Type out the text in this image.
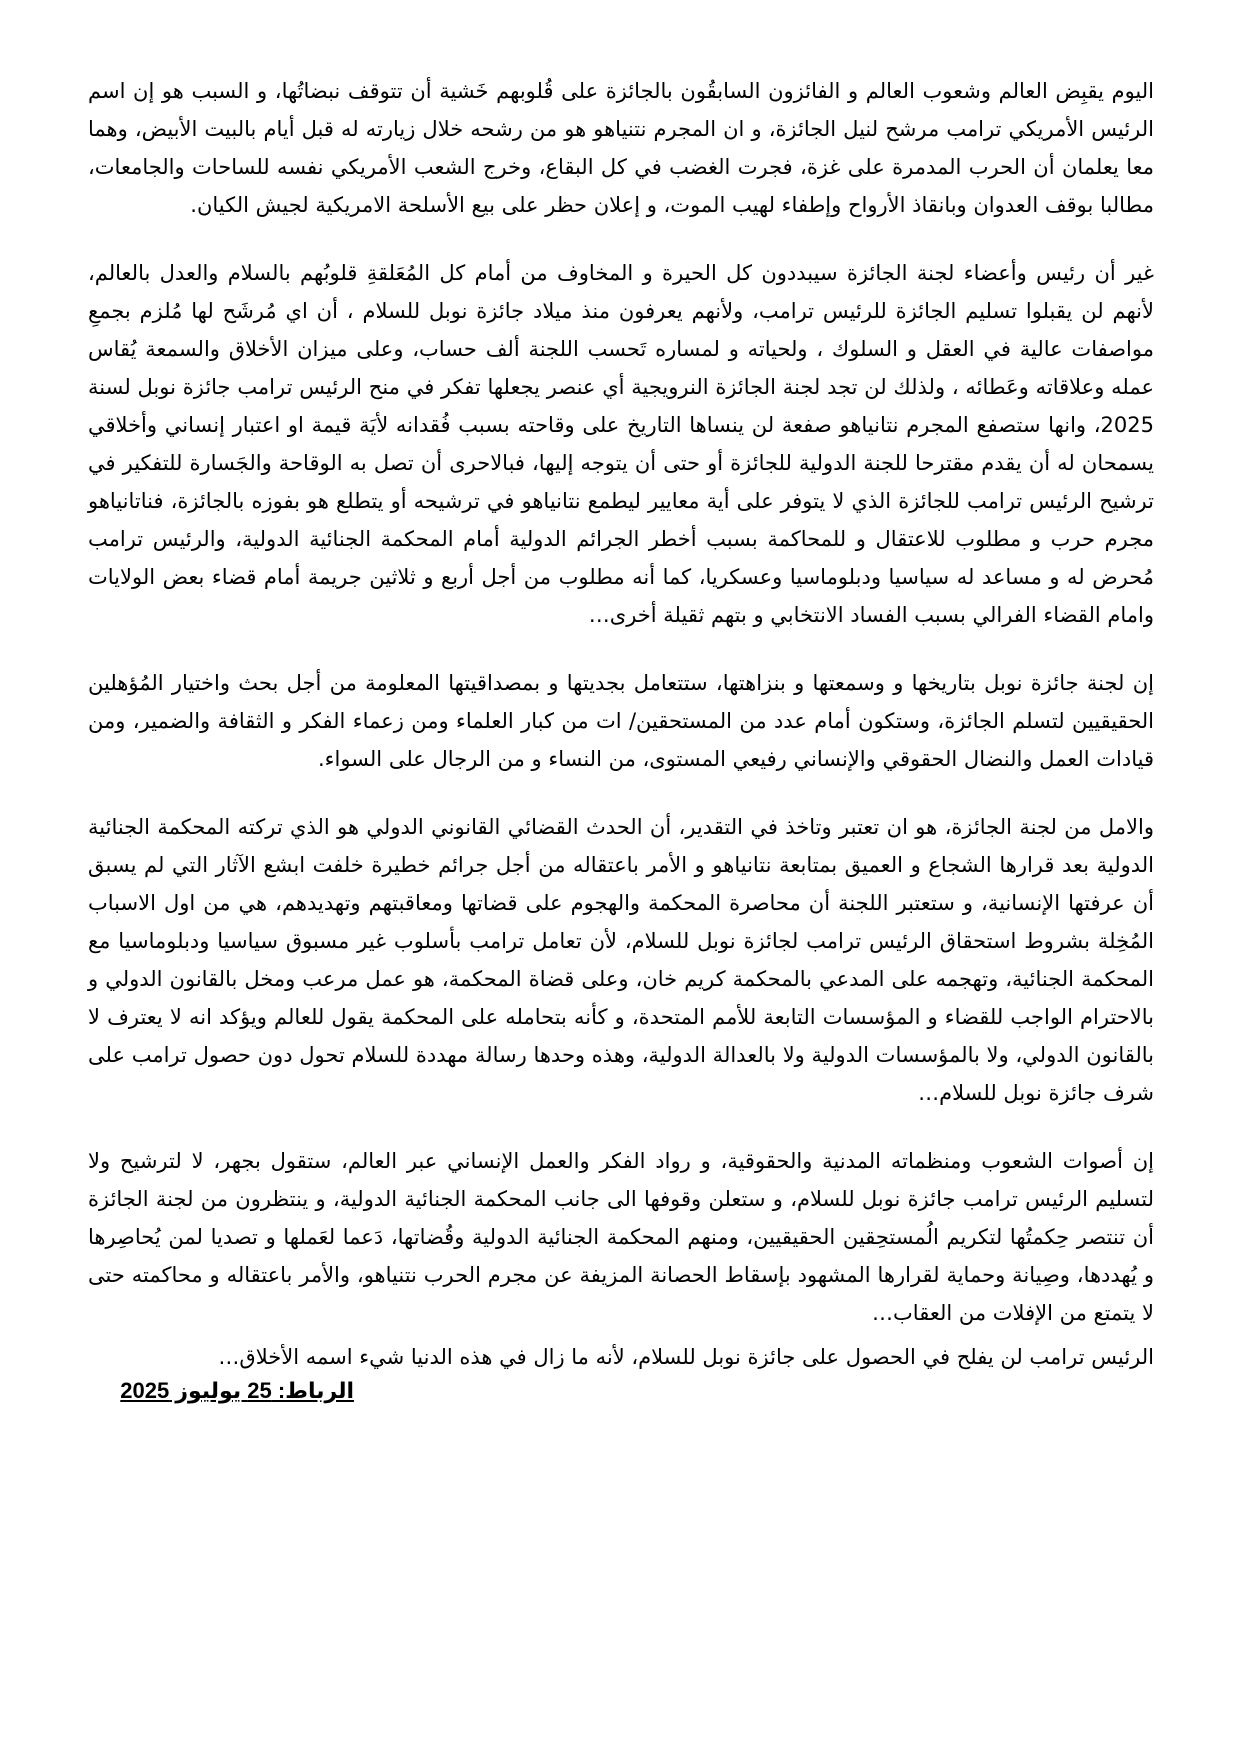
اليوم يقبِض العالم وشعوب العالم و الفائزون السابقُون بالجائزة على قُلوبهم خَشية أن تتوقف نبضاتُها، و السبب هو إن اسم الرئيس الأمريكي ترامب مرشح لنيل الجائزة، و ان المجرم نتنياهو هو من رشحه خلال زيارته له قبل أيام بالبيت الأبيض، وهما معا يعلمان أن الحرب المدمرة على غزة، فجرت الغضب في كل البقاع، وخرج الشعب الأمريكي نفسه للساحات والجامعات، مطالبا بوقف العدوان وبانقاذ الأرواح وإطفاء لهيب الموت، و إعلان حظر على بيع الأسلحة الامريكية لجيش الكيان.

غير أن رئيس وأعضاء لجنة الجائزة سيبددون كل الحيرة و المخاوف من أمام كل المُعَلقةِ قلوبُهم بالسلام والعدل بالعالم، لأنهم لن يقبلوا تسليم الجائزة للرئيس ترامب، ولأنهم يعرفون منذ ميلاد جائزة نوبل للسلام ، أن اي مُرشَح لها مُلزم بجمعِ مواصفات عالية في العقل و السلوك ، ولحياته و لمساره تَحسب اللجنة ألف حساب، وعلى ميزان الأخلاق والسمعة يُقاس عمله وعلاقاته وعَطائه ، ولذلك لن تجد لجنة الجائزة النرويجية أي عنصر يجعلها تفكر في منح الرئيس ترامب جائزة نوبل لسنة 2025، وانها ستصفع المجرم نتانياهو صفعة لن ينساها التاريخ على وقاحته بسبب فُقدانه لأيَة قيمة او اعتبار إنساني وأخلاقي يسمحان له أن يقدم مقترحا للجنة الدولية للجائزة أو حتى أن يتوجه إليها، فبالاحرى أن تصل به الوقاحة والجَسارة للتفكير في ترشيح الرئيس ترامب للجائزة الذي لا يتوفر على أية معايير ليطمع نتانياهو في ترشيحه أو يتطلع هو بفوزه بالجائزة، فناتانياهو مجرم حرب و مطلوب للاعتقال و للمحاكمة بسبب أخطر الجرائم الدولية أمام المحكمة الجنائية الدولية، والرئيس ترامب مُحرض له و مساعد له سياسيا ودبلوماسيا وعسكريا، كما أنه مطلوب من أجل أربع و ثلاثين جريمة أمام قضاء بعض الولايات وامام القضاء الفرالي بسبب الفساد الانتخابي و بتهم ثقيلة أخرى…

إن لجنة جائزة نوبل بتاريخها و وسمعتها و بنزاهتها، ستتعامل بجديتها و بمصداقيتها المعلومة من أجل بحث واختيار المُؤهلين الحقيقيين لتسلم الجائزة، وستكون أمام عدد من المستحقين/ ات من كبار العلماء ومن زعماء الفكر و الثقافة والضمير، ومن قيادات العمل والنضال الحقوقي والإنساني رفيعي المستوى، من النساء و من الرجال على السواء.

والامل من لجنة الجائزة، هو ان تعتبر وتاخذ في التقدير، أن الحدث القضائي القانوني الدولي هو الذي تركته المحكمة الجنائية الدولية بعد قرارها الشجاع و العميق بمتابعة نتانياهو و الأمر باعتقاله من أجل جرائم خطيرة خلفت ابشع الآثار التي لم يسبق أن عرفتها الإنسانية، و ستعتبر اللجنة أن محاصرة المحكمة والهجوم على قضاتها ومعاقبتهم وتهديدهم، هي من اول الاسباب المُخِلة بشروط استحقاق الرئيس ترامب لجائزة نوبل للسلام، لأن تعامل ترامب بأسلوب غير مسبوق سياسيا ودبلوماسيا مع المحكمة الجنائية، وتهجمه على المدعي بالمحكمة كريم خان، وعلى قضاة المحكمة، هو عمل مرعب ومخل بالقانون الدولي و بالاحترام الواجب للقضاء و المؤسسات التابعة للأمم المتحدة، و كأنه بتحامله على المحكمة يقول للعالم ويؤكد انه لا يعترف لا بالقانون الدولي، ولا بالمؤسسات الدولية ولا بالعدالة الدولية، وهذه وحدها رسالة مهددة للسلام تحول دون حصول ترامب على شرف جائزة نوبل للسلام…

إن أصوات الشعوب ومنظماته المدنية والحقوقية، و رواد الفكر والعمل الإنساني عبر العالم، ستقول بجهر، لا لترشيح ولا لتسليم الرئيس ترامب جائزة نوبل للسلام، و ستعلن وقوفها الى جانب المحكمة الجنائية الدولية، و ينتظرون من لجنة الجائزة أن تنتصر حِكمتُها لتكريم الُمستحِقين الحقيقيين، ومنهم المحكمة الجنائية الدولية وقُضاتها، دَعما لعَملها و تصديا لمن يُحاصِرها و يُهددها، وصِيانة وحماية لقرارها المشهود بإسقاط الحصانة المزيفة عن مجرم الحرب نتنياهو، والأمر باعتقاله و محاكمته حتى لا يتمتع من الإفلات من العقاب…

الرئيس ترامب لن يفلح في الحصول على جائزة نوبل للسلام، لأنه ما زال في هذه الدنيا شيء اسمه الأخلاق…

الرباط: 25 يوليوز 2025
